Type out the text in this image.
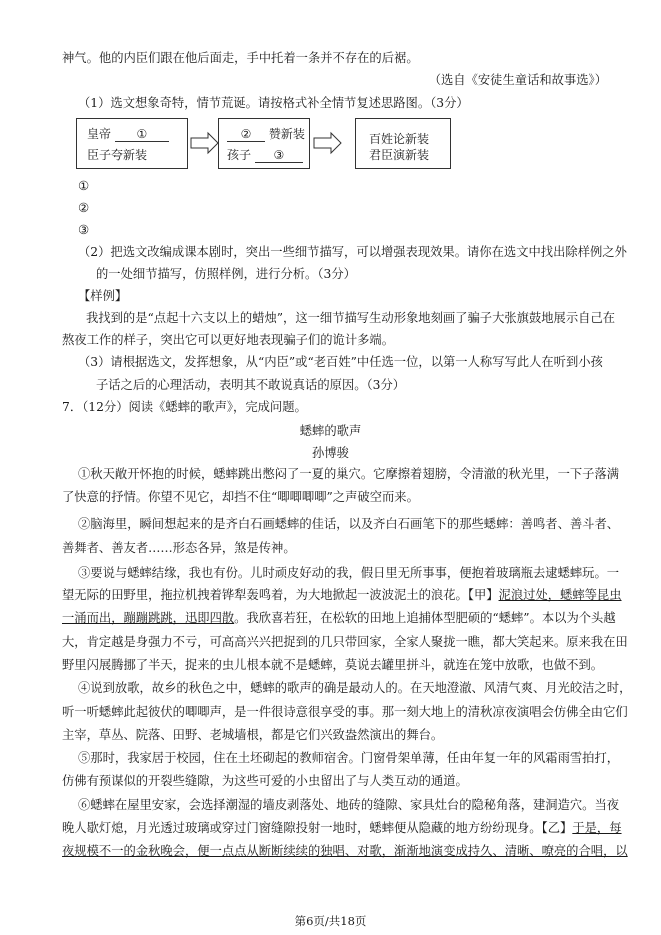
神气。他的内臣们跟在他后面走，手中托着一条并不存在的后裾。
（选自《安徒生童话和故事选》）
（1）选文想象奇特，情节荒诞。请按格式补全情节复述思路图。（3分）
皇帝 ①
臣子夸新装
② 赞新装
孩子 ③
百姓论新装
君臣演新装
①
②
③
（2）把选文改编成课本剧时，突出一些细节描写，可以增强表现效果。请你在选文中找出除样例之外
的一处细节描写，仿照样例，进行分析。（3分）
【样例】
我找到的是“点起十六支以上的蜡烛”，这一细节描写生动形象地刻画了骗子大张旗鼓地展示自己在
熬夜工作的样子，突出它可以更好地表现骗子们的诡计多端。
（3）请根据选文，发挥想象，从“内臣”或“老百姓”中任选一位，以第一人称写写此人在听到小孩
子话之后的心理活动，表明其不敢说真话的原因。（3分）
7．（12分）阅读《蟋蟀的歌声》，完成问题。
蟋蟀的歌声
孙博骏
①秋天敞开怀抱的时候，蟋蟀跳出憋闷了一夏的巢穴。它摩擦着翅膀，令清澈的秋光里，一下子落满
了快意的抒情。你望不见它，却挡不住“唧唧唧唧”之声破空而来。
②脑海里，瞬间想起来的是齐白石画蟋蟀的佳话，以及齐白石画笔下的那些蟋蟀：善鸣者、善斗者、
善舞者、善友者……形态各异，煞是传神。
③要说与蟋蟀结缘，我也有份。儿时顽皮好动的我，假日里无所事事，便抱着玻璃瓶去逮蟋蟀玩。一
望无际的田野里，拖拉机拽着铧犁轰鸣着，为大地掀起一波波泥土的浪花。【甲】泥浪过处，蟋蟀等昆虫
一涌而出，蹦蹦跳跳，迅即四散。我欣喜若狂，在松软的田地上追捕体型肥硕的“蟋蟀”。本以为个头越
大，肯定越是身强力不亏，可高高兴兴把捉到的几只带回家，全家人聚拢一瞧，都大笑起来。原来我在田
野里闪展腾挪了半天，捉来的虫儿根本就不是蟋蟀，莫说去罐里拼斗，就连在笼中放歌，也做不到。
④说到放歌，故乡的秋色之中，蟋蟀的歌声的确是最动人的。在天地澄澈、风清气爽、月光皎洁之时，
听一听蟋蟀此起彼伏的唧唧声，是一件很诗意很享受的事。那一刻大地上的清秋凉夜演唱会仿佛全由它们
主宰，草丛、院落、田野、老城墙根，都是它们兴致盎然演出的舞台。
⑤那时，我家居于校园，住在土坯砌起的教师宿舍。门窗骨架单薄，任由年复一年的风霜雨雪拍打，
仿佛有预谋似的开裂些缝隙，为这些可爱的小虫留出了与人类互动的通道。
⑥蟋蟀在屋里安家，会选择潮湿的墙皮剥落处、地砖的缝隙、家具灶台的隐秘角落，建洞造穴。当夜
晚人歇灯熄，月光透过玻璃或穿过门窗缝隙投射一地时，蟋蟀便从隐藏的地方纷纷现身。【乙】于是，每
夜规模不一的金秋晚会，便一点点从断断续续的独唱、对歌，渐渐地演变成持久、清晰、嘹亮的合唱，以
第6页/共18页
